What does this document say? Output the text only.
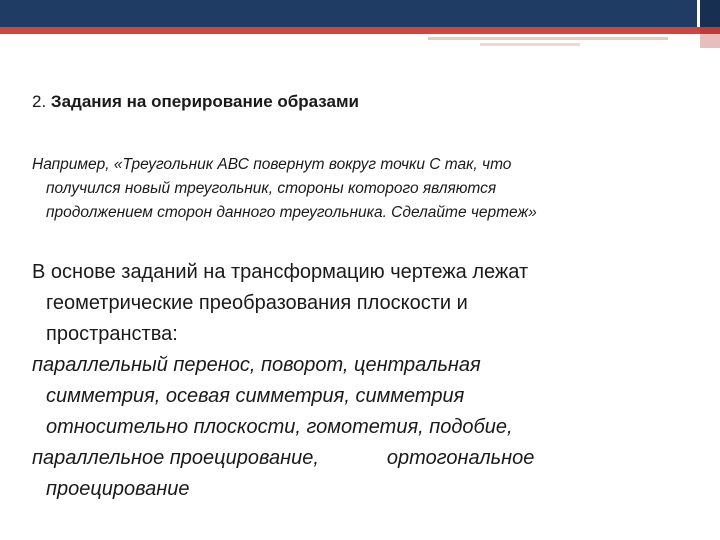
2. Задания на оперирование образами
Например, «Треугольник АВС повернут вокруг точки С так, что
получился новый треугольник, стороны которого являются
продолжением сторон данного треугольника. Сделайте чертеж»
В основе заданий на трансформацию чертежа лежат
геометрические преобразования плоскости и
пространства:
параллельный перенос, поворот, центральная
симметрия, осевая симметрия, симметрия
относительно плоскости, гомотетия, подобие,
параллельное проецирование,	ортогональное
проецирование
